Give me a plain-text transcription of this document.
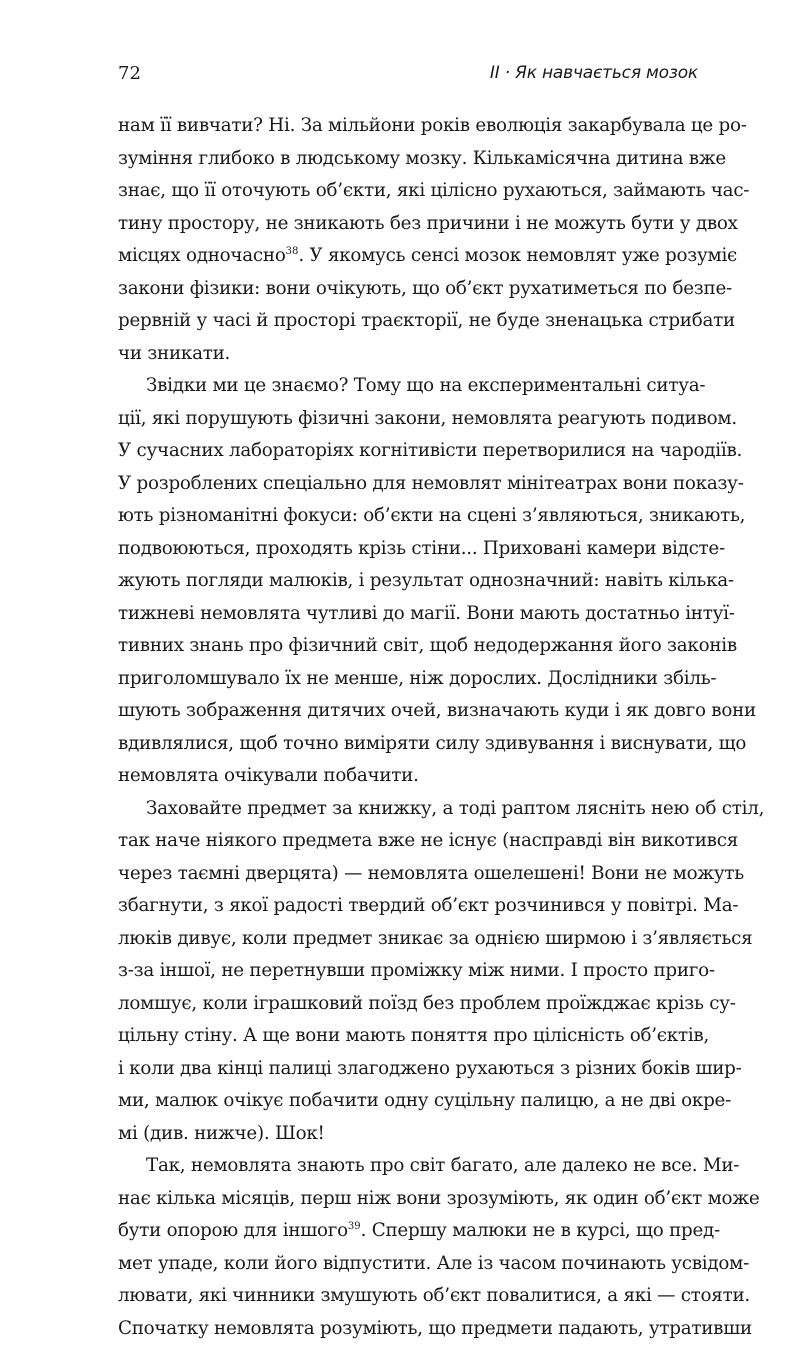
72	II · Як навчається мозок
нам її вивчати? Ні. За мільйони років еволюція закарбувала це ро-
зуміння глибоко в людському мозку. Кількамісячна дитина вже
знає, що її оточують об’єкти, які цілісно рухаються, займають час-
тину простору, не зникають без причини і не можуть бути у двох
місцях одночасно$^{38}$. У якомусь сенсі мозок немовлят уже розуміє
закони фізики: вони очікують, що об’єкт рухатиметься по безпе-
рервній у часі й просторі траєкторії, не буде зненацька стрибати
чи зникати.
Звідки ми це знаємо? Тому що на експериментальні ситуа-
ції, які порушують фізичні закони, немовлята реагують подивом.
У сучасних лабораторіях когнітивісти перетворилися на чародіїв.
У розроблених спеціально для немовлят мінітеатрах вони показу-
ють різноманітні фокуси: об’єкти на сцені з’являються, зникають,
подвоюються, проходять крізь стіни... Приховані камери відсте-
жують погляди малюків, і результат однозначний: навіть кілька-
тижневі немовлята чутливі до магії. Вони мають достатньо інтуї-
тивних знань про фізичний світ, щоб недодержання його законів
приголомшувало їх не менше, ніж дорослих. Дослідники збіль-
шують зображення дитячих очей, визначають куди і як довго вони
вдивлялися, щоб точно виміряти силу здивування і виснувати, що
немовлята очікували побачити.
Заховайте предмет за книжку, а тоді раптом лясніть нею об стіл,
так наче ніякого предмета вже не існує (насправді він викотився
через таємні дверцята) — немовлята ошелешені! Вони не можуть
збагнути, з якої радості твердий об’єкт розчинився у повітрі. Ма-
люків дивує, коли предмет зникає за однією ширмою і з’являється
з-за іншої, не перетнувши проміжку між ними. І просто приго-
ломшує, коли іграшковий поїзд без проблем проїжджає крізь су-
цільну стіну. А ще вони мають поняття про цілісність об’єктів,
і коли два кінці палиці злагоджено рухаються з різних боків шир-
ми, малюк очікує побачити одну суцільну палицю, а не дві окре-
мі (див. нижче). Шок!
Так, немовлята знають про світ багато, але далеко не все. Ми-
нає кілька місяців, перш ніж вони зрозуміють, як один об’єкт може
бути опорою для іншого$^{39}$. Спершу малюки не в курсі, що пред-
мет упаде, коли його відпустити. Але із часом починають усвідом-
лювати, які чинники змушують об’єкт повалитися, а які — стояти.
Спочатку немовлята розуміють, що предмети падають, утративши
